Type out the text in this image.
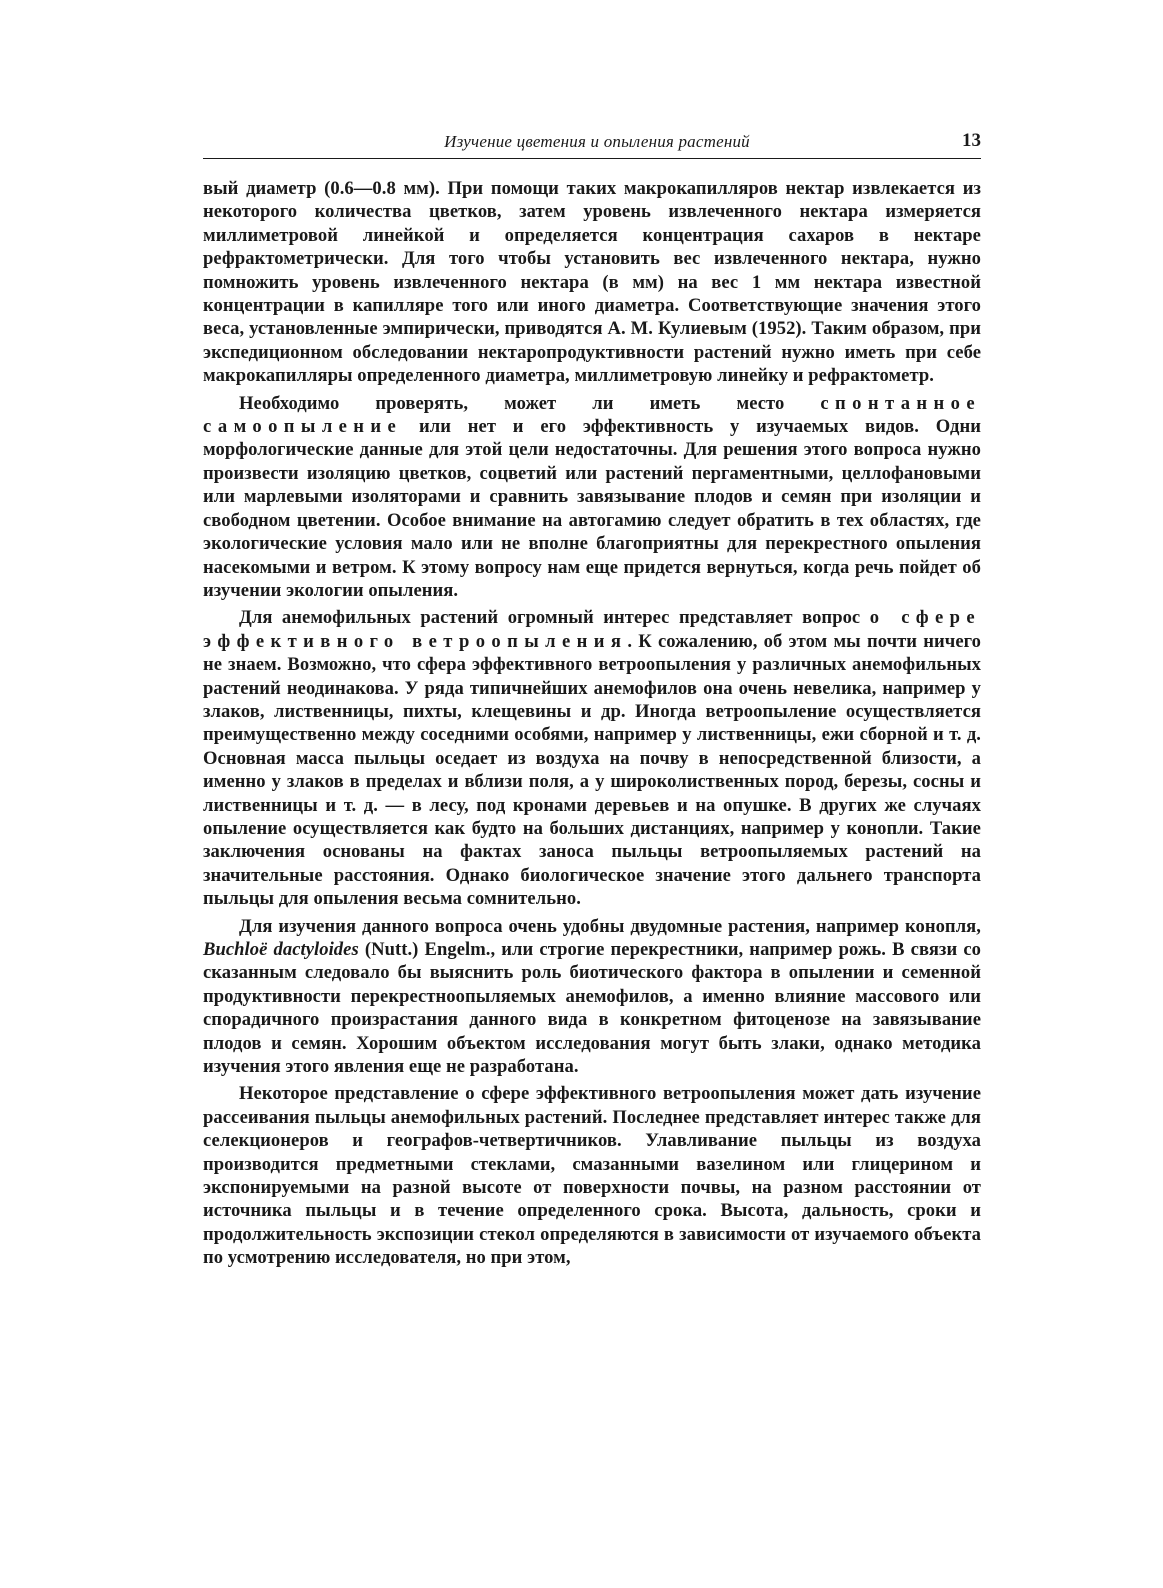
Изучение цветения и опыления растений	13

вый диаметр (0.6—0.8 мм). При помощи таких макрокапилляров нектар извлекается из некоторого количества цветков, затем уровень извлеченного нектара измеряется миллиметровой линейкой и определяется концентрация сахаров в нектаре рефрактометрически. Для того чтобы установить вес извлеченного нектара, нужно помножить уровень извлеченного нектара (в мм) на вес 1 мм нектара известной концентрации в капилляре того или иного диаметра. Соответствующие значения этого веса, установленные эмпирически, приводятся А. М. Кулиевым (1952). Таким образом, при экспедиционном обследовании нектаропродуктивности растений нужно иметь при себе макрокапилляры определенного диаметра, миллиметровую линейку и рефрактометр.

Необходимо проверять, может ли иметь место спонтанное самоопыление или нет и его эффективность у изучаемых видов. Одни морфологические данные для этой цели недостаточны. Для решения этого вопроса нужно произвести изоляцию цветков, соцветий или растений пергаментными, целлофановыми или марлевыми изоляторами и сравнить завязывание плодов и семян при изоляции и свободном цветении. Особое внимание на автогамию следует обратить в тех областях, где экологические условия мало или не вполне благоприятны для перекрестного опыления насекомыми и ветром. К этому вопросу нам еще придется вернуться, когда речь пойдет об изучении экологии опыления.

Для анемофильных растений огромный интерес представляет вопрос о сфере эффективного ветроопыления. К сожалению, об этом мы почти ничего не знаем. Возможно, что сфера эффективного ветроопыления у различных анемофильных растений неодинакова. У ряда типичнейших анемофилов она очень невелика, например у злаков, лиственницы, пихты, клещевины и др. Иногда ветроопыление осуществляется преимущественно между соседними особями, например у лиственницы, ежи сборной и т. д. Основная масса пыльцы оседает из воздуха на почву в непосредственной близости, а именно у злаков в пределах и вблизи поля, а у широколиственных пород, березы, сосны и лиственницы и т. д. — в лесу, под кронами деревьев и на опушке. В других же случаях опыление осуществляется как будто на больших дистанциях, например у конопли. Такие заключения основаны на фактах заноса пыльцы ветроопыляемых растений на значительные расстояния. Однако биологическое значение этого дальнего транспорта пыльцы для опыления весьма сомнительно.

Для изучения данного вопроса очень удобны двудомные растения, например конопля, Buchloë dactyloides (Nutt.) Engelm., или строгие перекрестники, например рожь. В связи со сказанным следовало бы выяснить роль биотического фактора в опылении и семенной продуктивности перекрестноопыляемых анемофилов, а именно влияние массового или спорадичного произрастания данного вида в конкретном фитоценозе на завязывание плодов и семян. Хорошим объектом исследования могут быть злаки, однако методика изучения этого явления еще не разработана.

Некоторое представление о сфере эффективного ветроопыления может дать изучение рассеивания пыльцы анемофильных растений. Последнее представляет интерес также для селекционеров и географов-четвертичников. Улавливание пыльцы из воздуха производится предметными стеклами, смазанными вазелином или глицерином и экспонируемыми на разной высоте от поверхности почвы, на разном расстоянии от источника пыльцы и в течение определенного срока. Высота, дальность, сроки и продолжительность экспозиции стекол определяются в зависимости от изучаемого объекта по усмотрению исследователя, но при этом,
